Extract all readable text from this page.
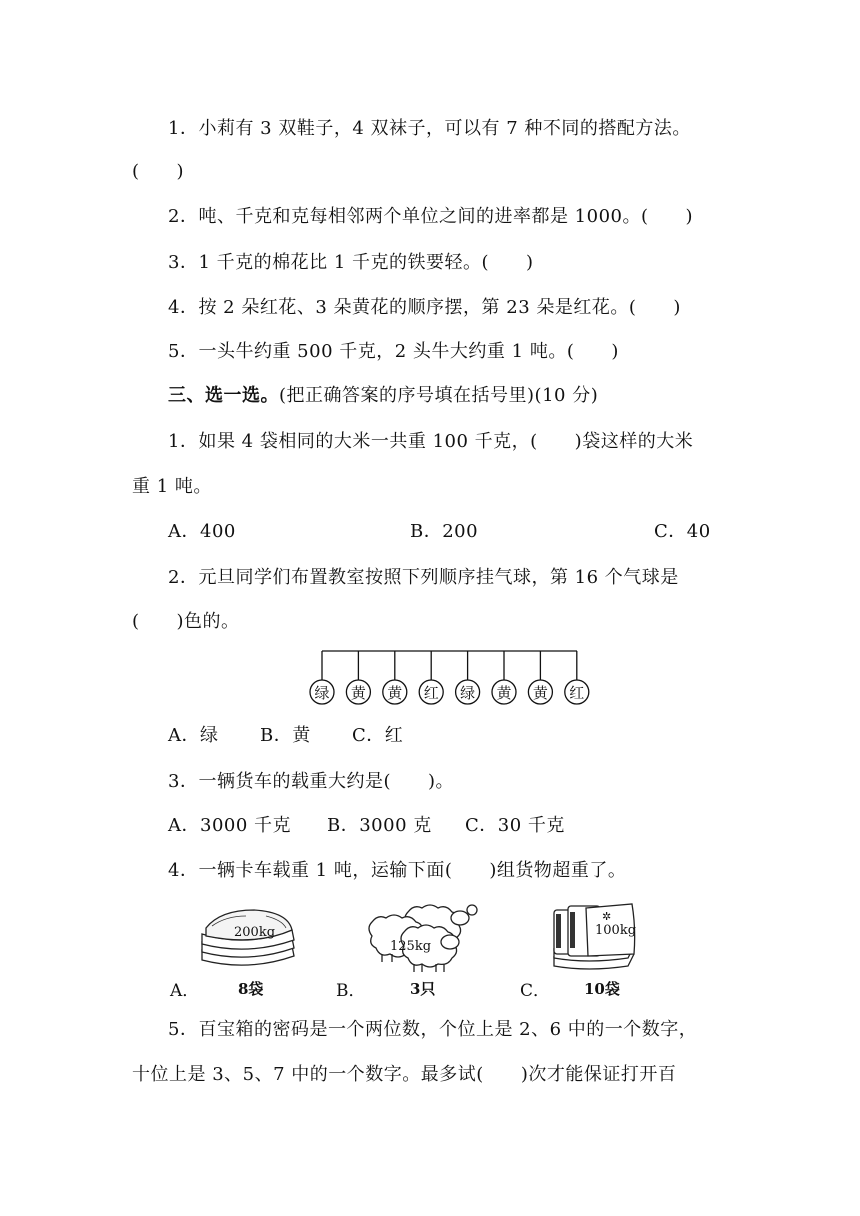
1．小莉有 3 双鞋子，4 双袜子，可以有 7 种不同的搭配方法。
(　　)
2．吨、千克和克每相邻两个单位之间的进率都是 1000。(　　)
3．1 千克的棉花比 1 千克的铁要轻。(　　)
4．按 2 朵红花、3 朵黄花的顺序摆，第 23 朵是红花。(　　)
5．一头牛约重 500 千克，2 头牛大约重 1 吨。(　　)
三、选一选。(把正确答案的序号填在括号里)(10 分)
1．如果 4 袋相同的大米一共重 100 千克，(　　)袋这样的大米
重 1 吨。
A．400	B．200	C．40
2．元旦同学们布置教室按照下列顺序挂气球，第 16 个气球是
(　　)色的。
绿 黄 黄 红 绿 黄 黄 红
A．绿 B．黄 C．红
3．一辆货车的载重大约是(　　)。
A．3000 千克 B．3000 克 C．30 千克
4．一辆卡车载重 1 吨，运输下面(　　)组货物超重了。
200kg
125kg
100kg
✲
A．	8袋	B．	3只	C． 10袋
5．百宝箱的密码是一个两位数，个位上是 2、6 中的一个数字，
十位上是 3、5、7 中的一个数字。最多试(　　)次才能保证打开百
